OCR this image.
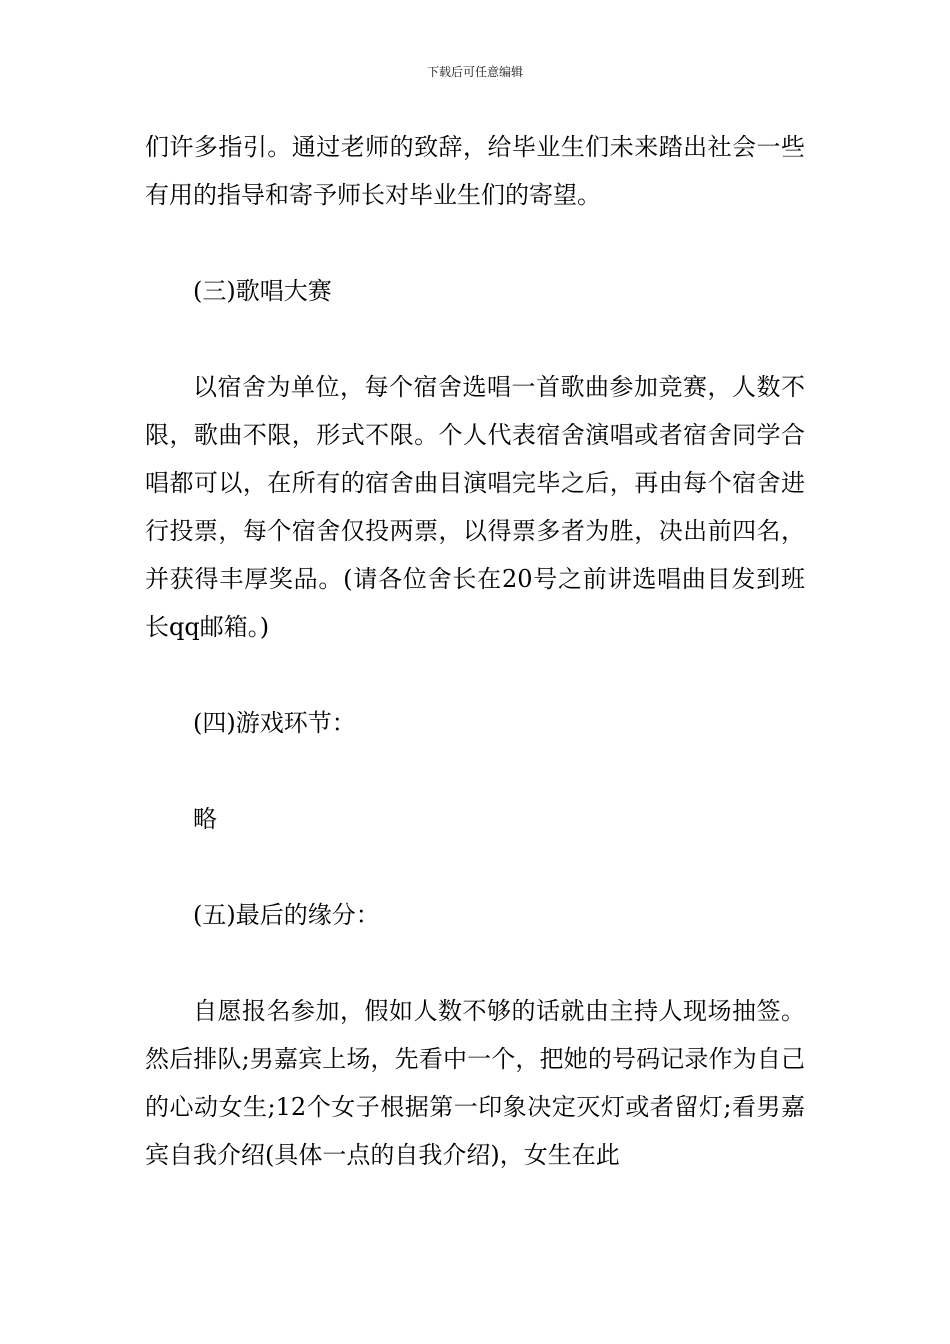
下载后可任意编辑

们许多指引。通过老师的致辞，给毕业生们未来踏出社会一些有用的指导和寄予师长对毕业生们的寄望。

(三)歌唱大赛

以宿舍为单位，每个宿舍选唱一首歌曲参加竞赛，人数不限，歌曲不限，形式不限。个人代表宿舍演唱或者宿舍同学合唱都可以，在所有的宿舍曲目演唱完毕之后，再由每个宿舍进行投票，每个宿舍仅投两票，以得票多者为胜，决出前四名，并获得丰厚奖品。(请各位舍长在20号之前讲选唱曲目发到班长qq邮箱。)

(四)游戏环节：

略

(五)最后的缘分：

自愿报名参加，假如人数不够的话就由主持人现场抽签。然后排队;男嘉宾上场，先看中一个，把她的号码记录作为自己的心动女生;12个女子根据第一印象决定灭灯或者留灯;看男嘉宾自我介绍(具体一点的自我介绍)，女生在此
